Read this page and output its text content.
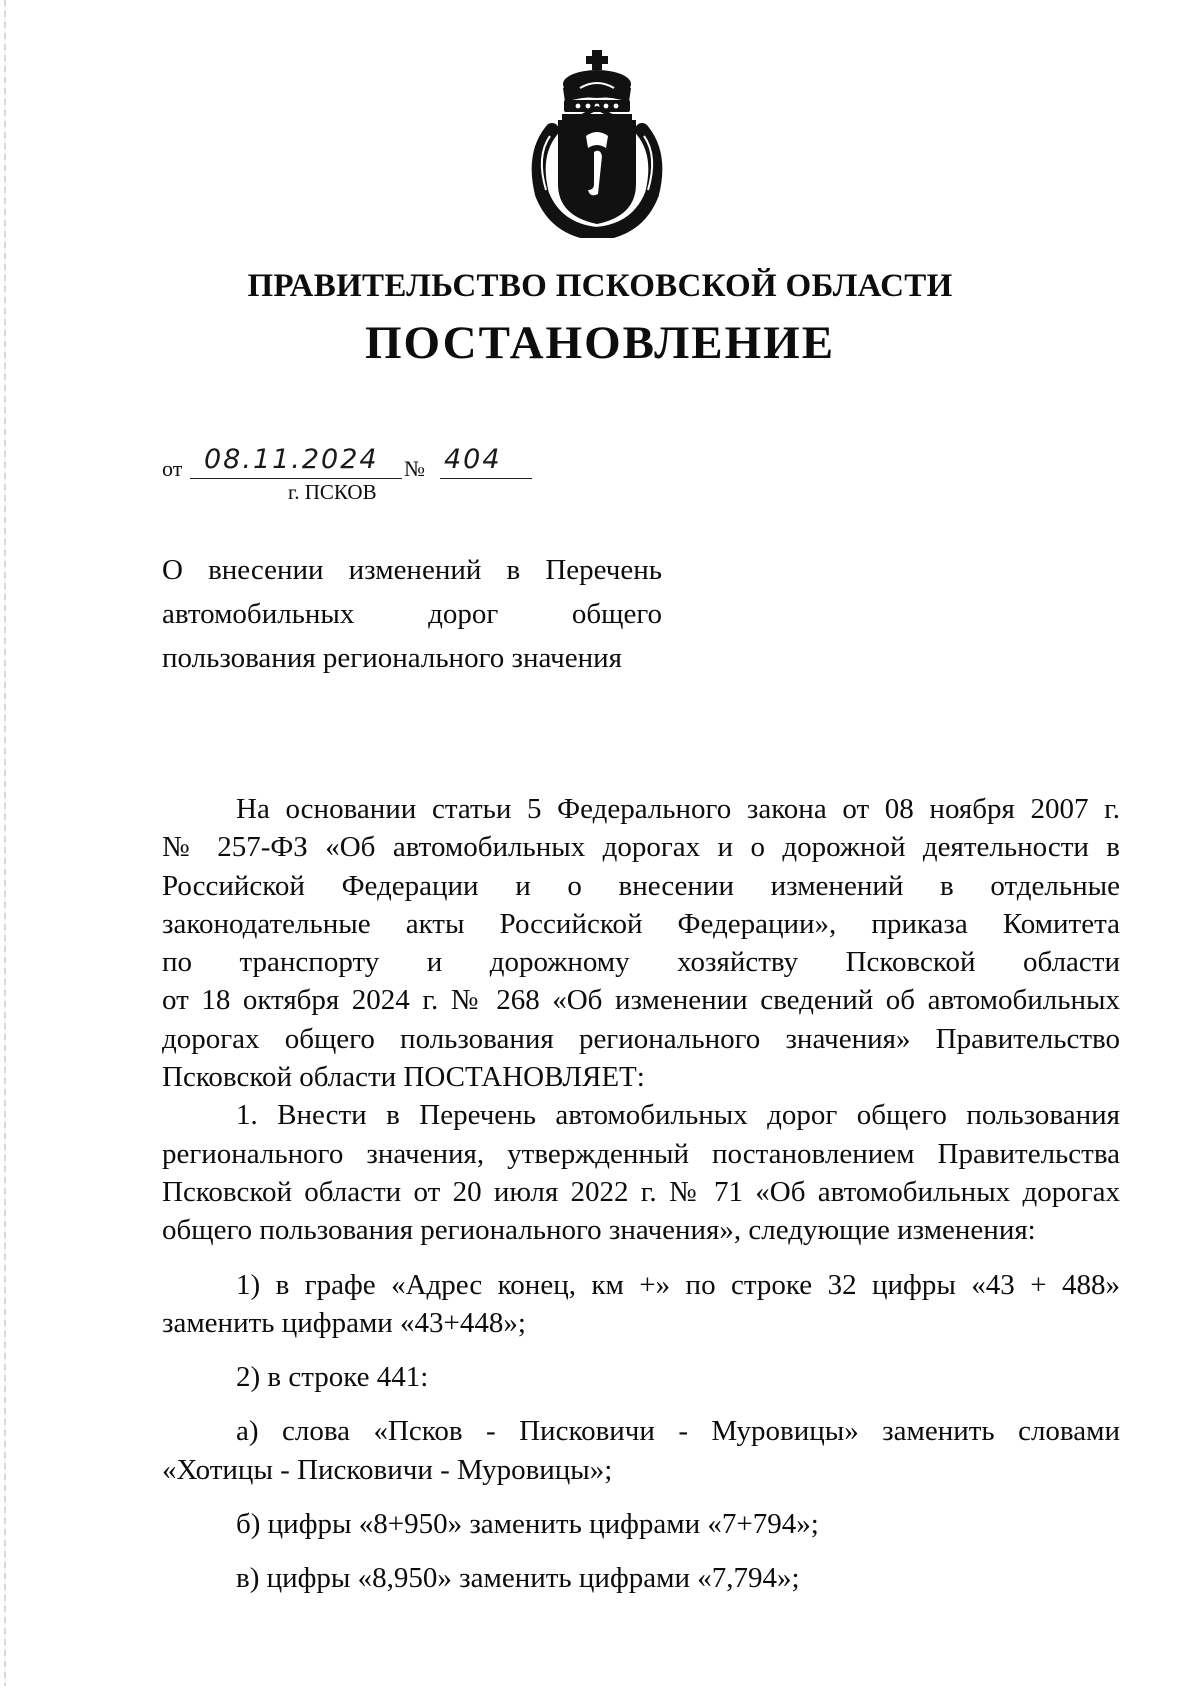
ПРАВИТЕЛЬСТВО ПСКОВСКОЙ ОБЛАСТИ
ПОСТАНОВЛЕНИЕ
от 08.11.2024 № 404
г. ПСКОВ
О внесении изменений в Перечень
автомобильных дорог общего
пользования регионального значения

На основании статьи 5 Федерального закона от 08 ноября 2007 г.
№ 257-ФЗ «Об автомобильных дорогах и о дорожной деятельности в
Российской Федерации и о внесении изменений в отдельные
законодательные акты Российской Федерации», приказа Комитета
по транспорту и дорожному хозяйству Псковской области
от 18 октября 2024 г. № 268 «Об изменении сведений об автомобильных
дорогах общего пользования регионального значения» Правительство
Псковской области ПОСТАНОВЛЯЕТ:

1. Внести в Перечень автомобильных дорог общего пользования
регионального значения, утвержденный постановлением Правительства
Псковской области от 20 июля 2022 г. № 71 «Об автомобильных дорогах
общего пользования регионального значения», следующие изменения:

1) в графе «Адрес конец, км +» по строке 32 цифры «43 + 488»
заменить цифрами «43+448»;

2) в строке 441:

а) слова «Псков - Писковичи - Муровицы» заменить словами
«Хотицы - Писковичи - Муровицы»;

б) цифры «8+950» заменить цифрами «7+794»;

в) цифры «8,950» заменить цифрами «7,794»;
